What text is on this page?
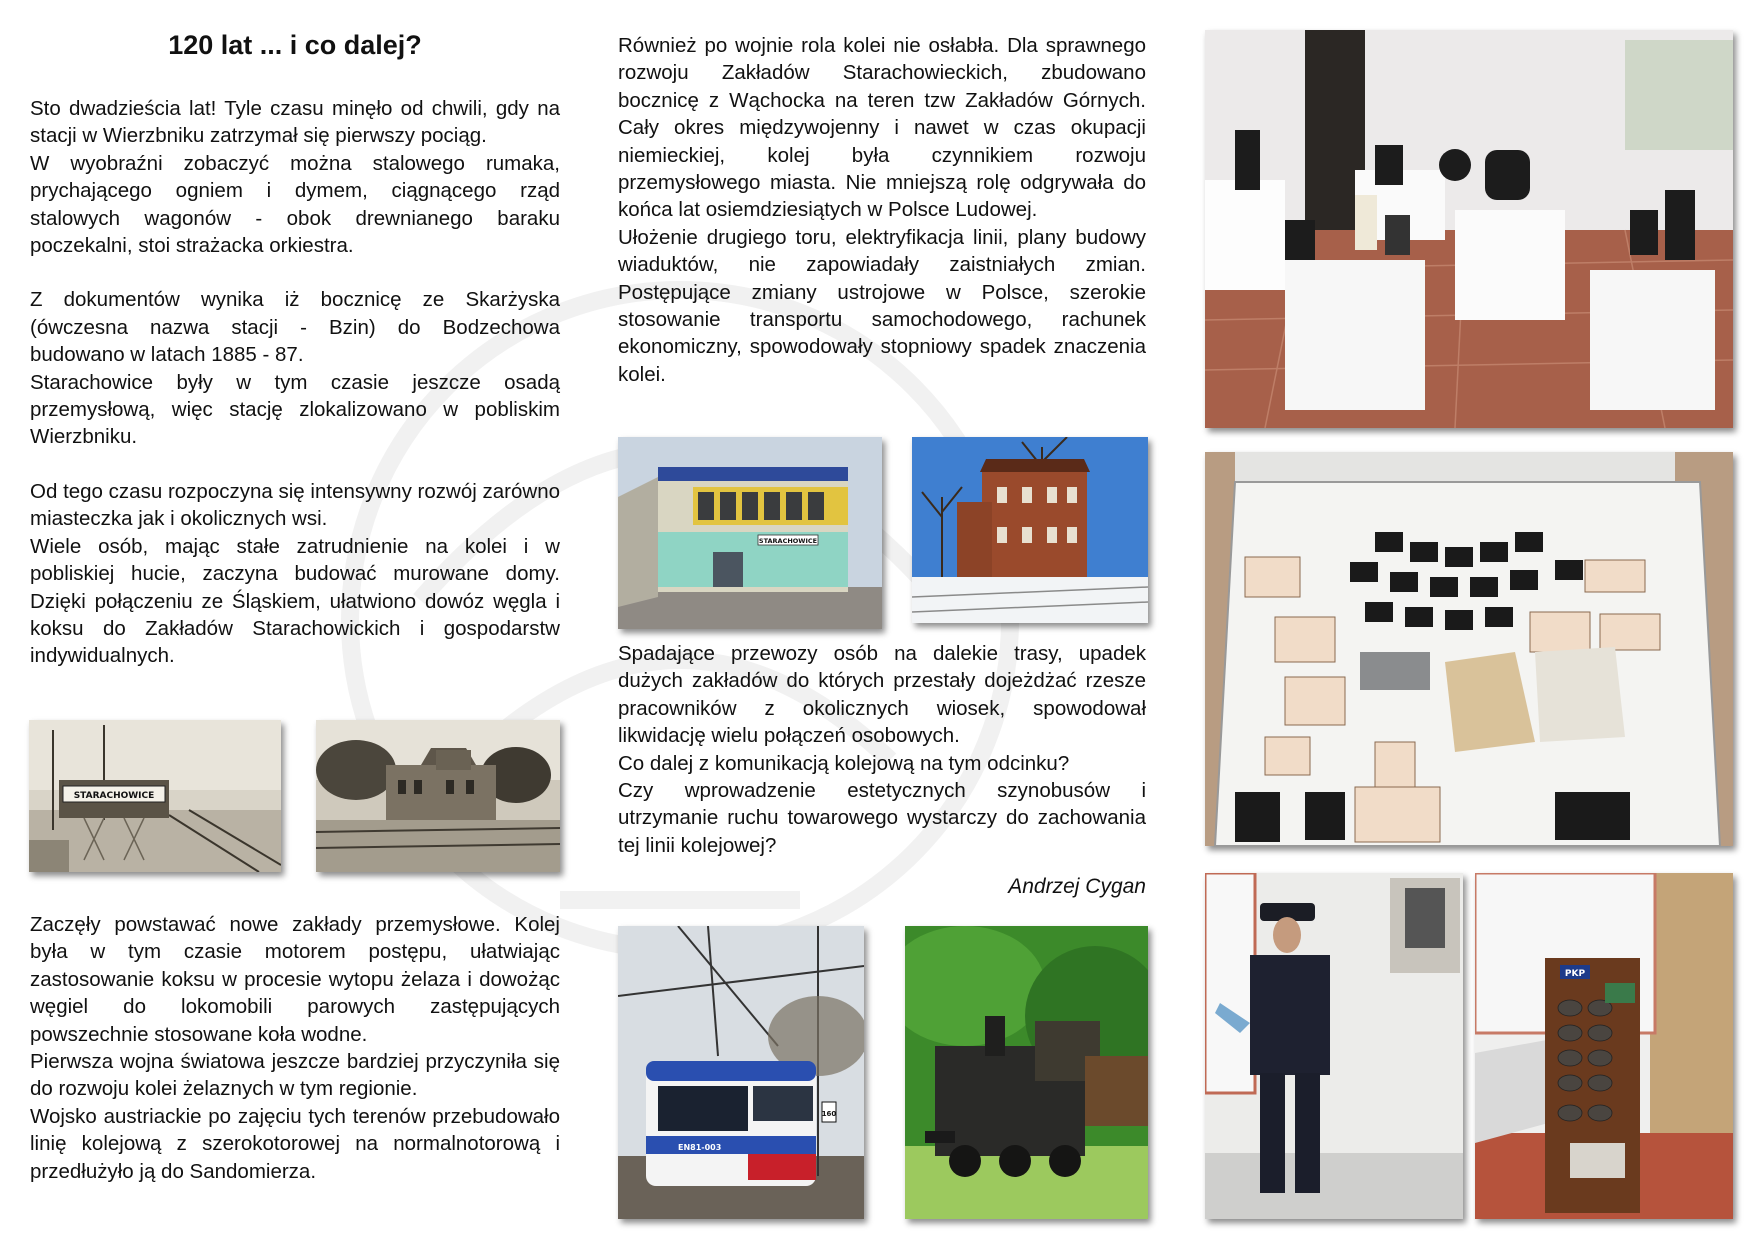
120 lat ... i co dalej?

Sto dwadzieścia lat! Tyle czasu minęło od chwili, gdy na stacji w Wierzbniku zatrzymał się pierwszy pociąg.

W wyobraźni zobaczyć można stalowego rumaka, prychającego ogniem i dymem, ciągnącego rząd stalowych wagonów - obok drewnianego baraku poczekalni, stoi strażacka orkiestra.

Z dokumentów wynika iż bocznicę ze Skarżyska (ówczesna nazwa stacji - Bzin) do Bodzechowa budowano w latach 1885 - 87.

Starachowice były w tym czasie jeszcze osadą przemysłową, więc stację zlokalizowano w pobliskim Wierzbniku.

Od tego czasu rozpoczyna się intensywny rozwój zarówno miasteczka jak i okolicznych wsi.

Wiele osób, mając stałe zatrudnienie na kolei i w pobliskiej hucie, zaczyna budować murowane domy. Dzięki połączeniu ze Śląskiem, ułatwiono dowóz węgla i koksu do Zakładów Starachowickich i gospodarstw indywidualnych.

Zaczęły powstawać nowe zakłady przemysłowe. Kolej była w tym czasie motorem postępu, ułatwiając zastosowanie koksu w procesie wytopu żelaza i dowożąc węgiel do lokomobili parowych zastępujących powszechnie stosowane koła wodne.

Pierwsza wojna światowa jeszcze bardziej przyczyniła się do rozwoju kolei żelaznych w tym regionie.

Wojsko austriackie po zajęciu tych terenów przebudowało linię kolejową z szerokotorowej na normalnotorową i przedłużyło ją do Sandomierza.

Również po wojnie rola kolei nie osłabła. Dla sprawnego rozwoju Zakładów Starachowieckich, zbudowano bocznicę z Wąchocka na teren tzw Zakładów Górnych. Cały okres międzywojenny i nawet w czas okupacji niemieckiej, kolej była czynnikiem rozwoju przemysłowego miasta. Nie mniejszą rolę odgrywała do końca lat osiemdziesiątych w Polsce Ludowej.

Ułożenie drugiego toru, elektryfikacja linii, plany budowy wiaduktów, nie zapowiadały zaistniałych zmian. Postępujące zmiany ustrojowe w Polsce, szerokie stosowanie transportu samochodowego, rachunek ekonomiczny, spowodowały stopniowy spadek znaczenia kolei.

Spadające przewozy osób na dalekie trasy, upadek dużych zakładów do których przestały dojeżdżać rzesze pracowników z okolicznych wiosek, spowodował likwidację wielu połączeń osobowych.

Co dalej z komunikacją kolejową na tym odcinku?

Czy wprowadzenie estetycznych szynobusów i utrzymanie ruchu towarowego wystarczy do zachowania tej linii kolejowej?

Andrzej Cygan
STARACHOWICE
STARACHOWICE
EN81-003
160
PKP
